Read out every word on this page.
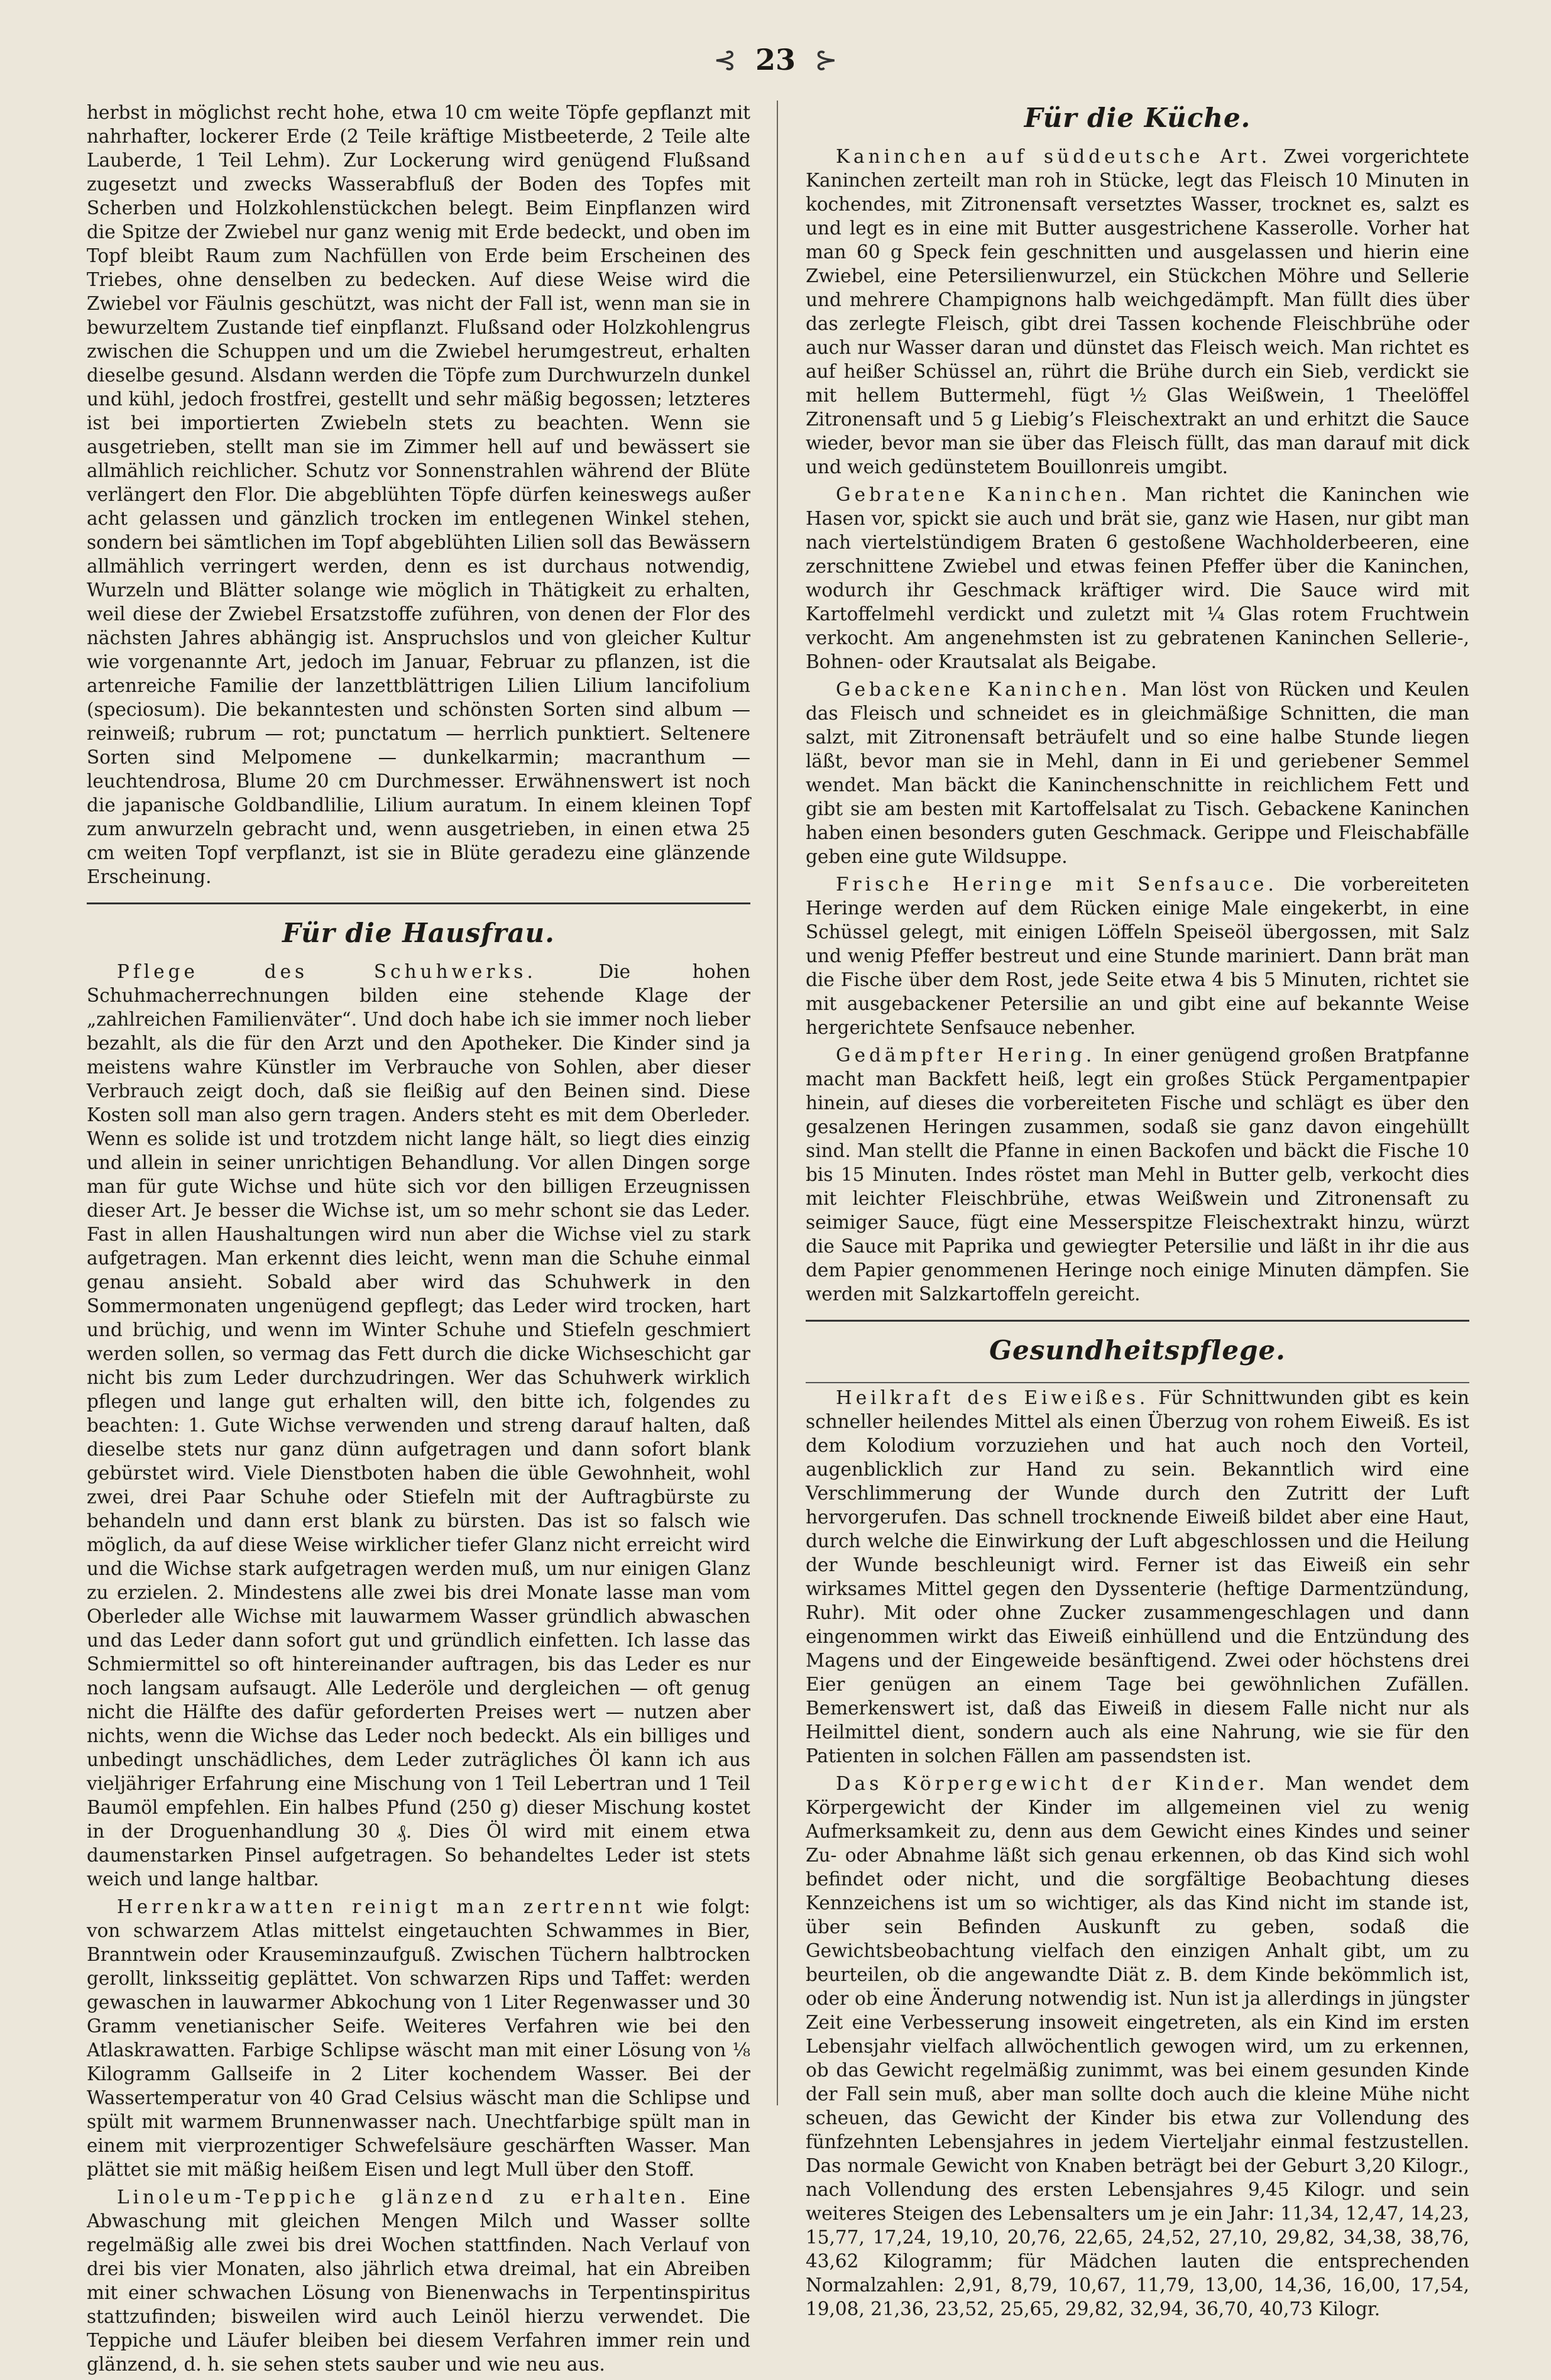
⊰ 23 ⊱

herbst in möglichst recht hohe, etwa 10 cm weite Töpfe gepflanzt mit nahrhafter, lockerer Erde (2 Teile kräftige Mistbeeterde, 2 Teile alte Lauberde, 1 Teil Lehm). Zur Lockerung wird genügend Flußsand zugesetzt und zwecks Wasserabfluß der Boden des Topfes mit Scherben und Holzkohlenstückchen belegt. Beim Einpflanzen wird die Spitze der Zwiebel nur ganz wenig mit Erde bedeckt, und oben im Topf bleibt Raum zum Nachfüllen von Erde beim Erscheinen des Triebes, ohne denselben zu bedecken. Auf diese Weise wird die Zwiebel vor Fäulnis geschützt, was nicht der Fall ist, wenn man sie in bewurzeltem Zustande tief einpflanzt. Flußsand oder Holzkohlengrus zwischen die Schuppen und um die Zwiebel herumgestreut, erhalten dieselbe gesund. Alsdann werden die Töpfe zum Durchwurzeln dunkel und kühl, jedoch frostfrei, gestellt und sehr mäßig begossen; letzteres ist bei importierten Zwiebeln stets zu beachten. Wenn sie ausgetrieben, stellt man sie im Zimmer hell auf und bewässert sie allmählich reichlicher. Schutz vor Sonnenstrahlen während der Blüte verlängert den Flor. Die abgeblühten Töpfe dürfen keineswegs außer acht gelassen und gänzlich trocken im entlegenen Winkel stehen, sondern bei sämtlichen im Topf abgeblühten Lilien soll das Bewässern allmählich verringert werden, denn es ist durchaus notwendig, Wurzeln und Blätter solange wie möglich in Thätigkeit zu erhalten, weil diese der Zwiebel Ersatzstoffe zuführen, von denen der Flor des nächsten Jahres abhängig ist. Anspruchslos und von gleicher Kultur wie vorgenannte Art, jedoch im Januar, Februar zu pflanzen, ist die artenreiche Familie der lanzettblättrigen Lilien Lilium lancifolium (speciosum). Die bekanntesten und schönsten Sorten sind album — reinweiß; rubrum — rot; punctatum — herrlich punktiert. Seltenere Sorten sind Melpomene — dunkelkarmin; macranthum — leuchtendrosa, Blume 20 cm Durchmesser. Erwähnenswert ist noch die japanische Goldbandlilie, Lilium auratum. In einem kleinen Topf zum anwurzeln gebracht und, wenn ausgetrieben, in einen etwa 25 cm weiten Topf verpflanzt, ist sie in Blüte geradezu eine glänzende Erscheinung.

Für die Hausfrau.

Pflege des Schuhwerks. Die hohen Schuhmacherrechnungen bilden eine stehende Klage der „zahlreichen Familienväter“. Und doch habe ich sie immer noch lieber bezahlt, als die für den Arzt und den Apotheker. Die Kinder sind ja meistens wahre Künstler im Verbrauche von Sohlen, aber dieser Verbrauch zeigt doch, daß sie fleißig auf den Beinen sind. Diese Kosten soll man also gern tragen. Anders steht es mit dem Oberleder. Wenn es solide ist und trotzdem nicht lange hält, so liegt dies einzig und allein in seiner unrichtigen Behandlung. Vor allen Dingen sorge man für gute Wichse und hüte sich vor den billigen Erzeugnissen dieser Art. Je besser die Wichse ist, um so mehr schont sie das Leder. Fast in allen Haushaltungen wird nun aber die Wichse viel zu stark aufgetragen. Man erkennt dies leicht, wenn man die Schuhe einmal genau ansieht. Sobald aber wird das Schuhwerk in den Sommermonaten ungenügend gepflegt; das Leder wird trocken, hart und brüchig, und wenn im Winter Schuhe und Stiefeln geschmiert werden sollen, so vermag das Fett durch die dicke Wichseschicht gar nicht bis zum Leder durchzudringen. Wer das Schuhwerk wirklich pflegen und lange gut erhalten will, den bitte ich, folgendes zu beachten: 1. Gute Wichse verwenden und streng darauf halten, daß dieselbe stets nur ganz dünn aufgetragen und dann sofort blank gebürstet wird. Viele Dienstboten haben die üble Gewohnheit, wohl zwei, drei Paar Schuhe oder Stiefeln mit der Auftragbürste zu behandeln und dann erst blank zu bürsten. Das ist so falsch wie möglich, da auf diese Weise wirklicher tiefer Glanz nicht erreicht wird und die Wichse stark aufgetragen werden muß, um nur einigen Glanz zu erzielen. 2. Mindestens alle zwei bis drei Monate lasse man vom Oberleder alle Wichse mit lauwarmem Wasser gründlich abwaschen und das Leder dann sofort gut und gründlich einfetten. Ich lasse das Schmiermittel so oft hintereinander auftragen, bis das Leder es nur noch langsam aufsaugt. Alle Lederöle und dergleichen — oft genug nicht die Hälfte des dafür geforderten Preises wert — nutzen aber nichts, wenn die Wichse das Leder noch bedeckt. Als ein billiges und unbedingt unschädliches, dem Leder zuträgliches Öl kann ich aus vieljähriger Erfahrung eine Mischung von 1 Teil Lebertran und 1 Teil Baumöl empfehlen. Ein halbes Pfund (250 g) dieser Mischung kostet in der Droguenhandlung 30 ₰. Dies Öl wird mit einem etwa daumenstarken Pinsel aufgetragen. So behandeltes Leder ist stets weich und lange haltbar.

Herrenkrawatten reinigt man zertrennt wie folgt: von schwarzem Atlas mittelst eingetauchten Schwammes in Bier, Branntwein oder Krauseminzaufguß. Zwischen Tüchern halbtrocken gerollt, linksseitig geplättet. Von schwarzen Rips und Taffet: werden gewaschen in lauwarmer Abkochung von 1 Liter Regenwasser und 30 Gramm venetianischer Seife. Weiteres Verfahren wie bei den Atlaskrawatten. Farbige Schlipse wäscht man mit einer Lösung von ⅛ Kilogramm Gallseife in 2 Liter kochendem Wasser. Bei der Wassertemperatur von 40 Grad Celsius wäscht man die Schlipse und spült mit warmem Brunnenwasser nach. Unechtfarbige spült man in einem mit vierprozentiger Schwefelsäure geschärften Wasser. Man plättet sie mit mäßig heißem Eisen und legt Mull über den Stoff.

Linoleum-Teppiche glänzend zu erhalten. Eine Abwaschung mit gleichen Mengen Milch und Wasser sollte regelmäßig alle zwei bis drei Wochen stattfinden. Nach Verlauf von drei bis vier Monaten, also jährlich etwa dreimal, hat ein Abreiben mit einer schwachen Lösung von Bienenwachs in Terpentinspiritus stattzufinden; bisweilen wird auch Leinöl hierzu verwendet. Die Teppiche und Läufer bleiben bei diesem Verfahren immer rein und glänzend, d. h. sie sehen stets sauber und wie neu aus.

Für die Küche.

Kaninchen auf süddeutsche Art. Zwei vorgerichtete Kaninchen zerteilt man roh in Stücke, legt das Fleisch 10 Minuten in kochendes, mit Zitronensaft versetztes Wasser, trocknet es, salzt es und legt es in eine mit Butter ausgestrichene Kasserolle. Vorher hat man 60 g Speck fein geschnitten und ausgelassen und hierin eine Zwiebel, eine Petersilienwurzel, ein Stückchen Möhre und Sellerie und mehrere Champignons halb weichgedämpft. Man füllt dies über das zerlegte Fleisch, gibt drei Tassen kochende Fleischbrühe oder auch nur Wasser daran und dünstet das Fleisch weich. Man richtet es auf heißer Schüssel an, rührt die Brühe durch ein Sieb, verdickt sie mit hellem Buttermehl, fügt ½ Glas Weißwein, 1 Theelöffel Zitronensaft und 5 g Liebig’s Fleischextrakt an und erhitzt die Sauce wieder, bevor man sie über das Fleisch füllt, das man darauf mit dick und weich gedünstetem Bouillonreis umgibt.

Gebratene Kaninchen. Man richtet die Kaninchen wie Hasen vor, spickt sie auch und brät sie, ganz wie Hasen, nur gibt man nach viertelstündigem Braten 6 gestoßene Wachholderbeeren, eine zerschnittene Zwiebel und etwas feinen Pfeffer über die Kaninchen, wodurch ihr Geschmack kräftiger wird. Die Sauce wird mit Kartoffelmehl verdickt und zuletzt mit ¼ Glas rotem Fruchtwein verkocht. Am angenehmsten ist zu gebratenen Kaninchen Sellerie-, Bohnen- oder Krautsalat als Beigabe.

Gebackene Kaninchen. Man löst von Rücken und Keulen das Fleisch und schneidet es in gleichmäßige Schnitten, die man salzt, mit Zitronensaft beträufelt und so eine halbe Stunde liegen läßt, bevor man sie in Mehl, dann in Ei und geriebener Semmel wendet. Man bäckt die Kaninchenschnitte in reichlichem Fett und gibt sie am besten mit Kartoffelsalat zu Tisch. Gebackene Kaninchen haben einen besonders guten Geschmack. Gerippe und Fleischabfälle geben eine gute Wildsuppe.

Frische Heringe mit Senfsauce. Die vorbereiteten Heringe werden auf dem Rücken einige Male eingekerbt, in eine Schüssel gelegt, mit einigen Löffeln Speiseöl übergossen, mit Salz und wenig Pfeffer bestreut und eine Stunde mariniert. Dann brät man die Fische über dem Rost, jede Seite etwa 4 bis 5 Minuten, richtet sie mit ausgebackener Petersilie an und gibt eine auf bekannte Weise hergerichtete Senfsauce nebenher.

Gedämpfter Hering. In einer genügend großen Bratpfanne macht man Backfett heiß, legt ein großes Stück Pergamentpapier hinein, auf dieses die vorbereiteten Fische und schlägt es über den gesalzenen Heringen zusammen, sodaß sie ganz davon eingehüllt sind. Man stellt die Pfanne in einen Backofen und bäckt die Fische 10 bis 15 Minuten. Indes röstet man Mehl in Butter gelb, verkocht dies mit leichter Fleischbrühe, etwas Weißwein und Zitronensaft zu seimiger Sauce, fügt eine Messerspitze Fleischextrakt hinzu, würzt die Sauce mit Paprika und gewiegter Petersilie und läßt in ihr die aus dem Papier genommenen Heringe noch einige Minuten dämpfen. Sie werden mit Salzkartoffeln gereicht.

Gesundheitspflege.

Heilkraft des Eiweißes. Für Schnittwunden gibt es kein schneller heilendes Mittel als einen Überzug von rohem Eiweiß. Es ist dem Kolodium vorzuziehen und hat auch noch den Vorteil, augenblicklich zur Hand zu sein. Bekanntlich wird eine Verschlimmerung der Wunde durch den Zutritt der Luft hervorgerufen. Das schnell trocknende Eiweiß bildet aber eine Haut, durch welche die Einwirkung der Luft abgeschlossen und die Heilung der Wunde beschleunigt wird. Ferner ist das Eiweiß ein sehr wirksames Mittel gegen den Dyssenterie (heftige Darmentzündung, Ruhr). Mit oder ohne Zucker zusammengeschlagen und dann eingenommen wirkt das Eiweiß einhüllend und die Entzündung des Magens und der Eingeweide besänftigend. Zwei oder höchstens drei Eier genügen an einem Tage bei gewöhnlichen Zufällen. Bemerkenswert ist, daß das Eiweiß in diesem Falle nicht nur als Heilmittel dient, sondern auch als eine Nahrung, wie sie für den Patienten in solchen Fällen am passendsten ist.

Das Körpergewicht der Kinder. Man wendet dem Körpergewicht der Kinder im allgemeinen viel zu wenig Aufmerksamkeit zu, denn aus dem Gewicht eines Kindes und seiner Zu- oder Abnahme läßt sich genau erkennen, ob das Kind sich wohl befindet oder nicht, und die sorgfältige Beobachtung dieses Kennzeichens ist um so wichtiger, als das Kind nicht im stande ist, über sein Befinden Auskunft zu geben, sodaß die Gewichtsbeobachtung vielfach den einzigen Anhalt gibt, um zu beurteilen, ob die angewandte Diät z. B. dem Kinde bekömmlich ist, oder ob eine Änderung notwendig ist. Nun ist ja allerdings in jüngster Zeit eine Verbesserung insoweit eingetreten, als ein Kind im ersten Lebensjahr vielfach allwöchentlich gewogen wird, um zu erkennen, ob das Gewicht regelmäßig zunimmt, was bei einem gesunden Kinde der Fall sein muß, aber man sollte doch auch die kleine Mühe nicht scheuen, das Gewicht der Kinder bis etwa zur Vollendung des fünfzehnten Lebensjahres in jedem Vierteljahr einmal festzustellen. Das normale Gewicht von Knaben beträgt bei der Geburt 3,20 Kilogr., nach Vollendung des ersten Lebensjahres 9,45 Kilogr. und sein weiteres Steigen des Lebensalters um je ein Jahr: 11,34, 12,47, 14,23, 15,77, 17,24, 19,10, 20,76, 22,65, 24,52, 27,10, 29,82, 34,38, 38,76, 43,62 Kilogramm; für Mädchen lauten die entsprechenden Normalzahlen: 2,91, 8,79, 10,67, 11,79, 13,00, 14,36, 16,00, 17,54, 19,08, 21,36, 23,52, 25,65, 29,82, 32,94, 36,70, 40,73 Kilogr.
